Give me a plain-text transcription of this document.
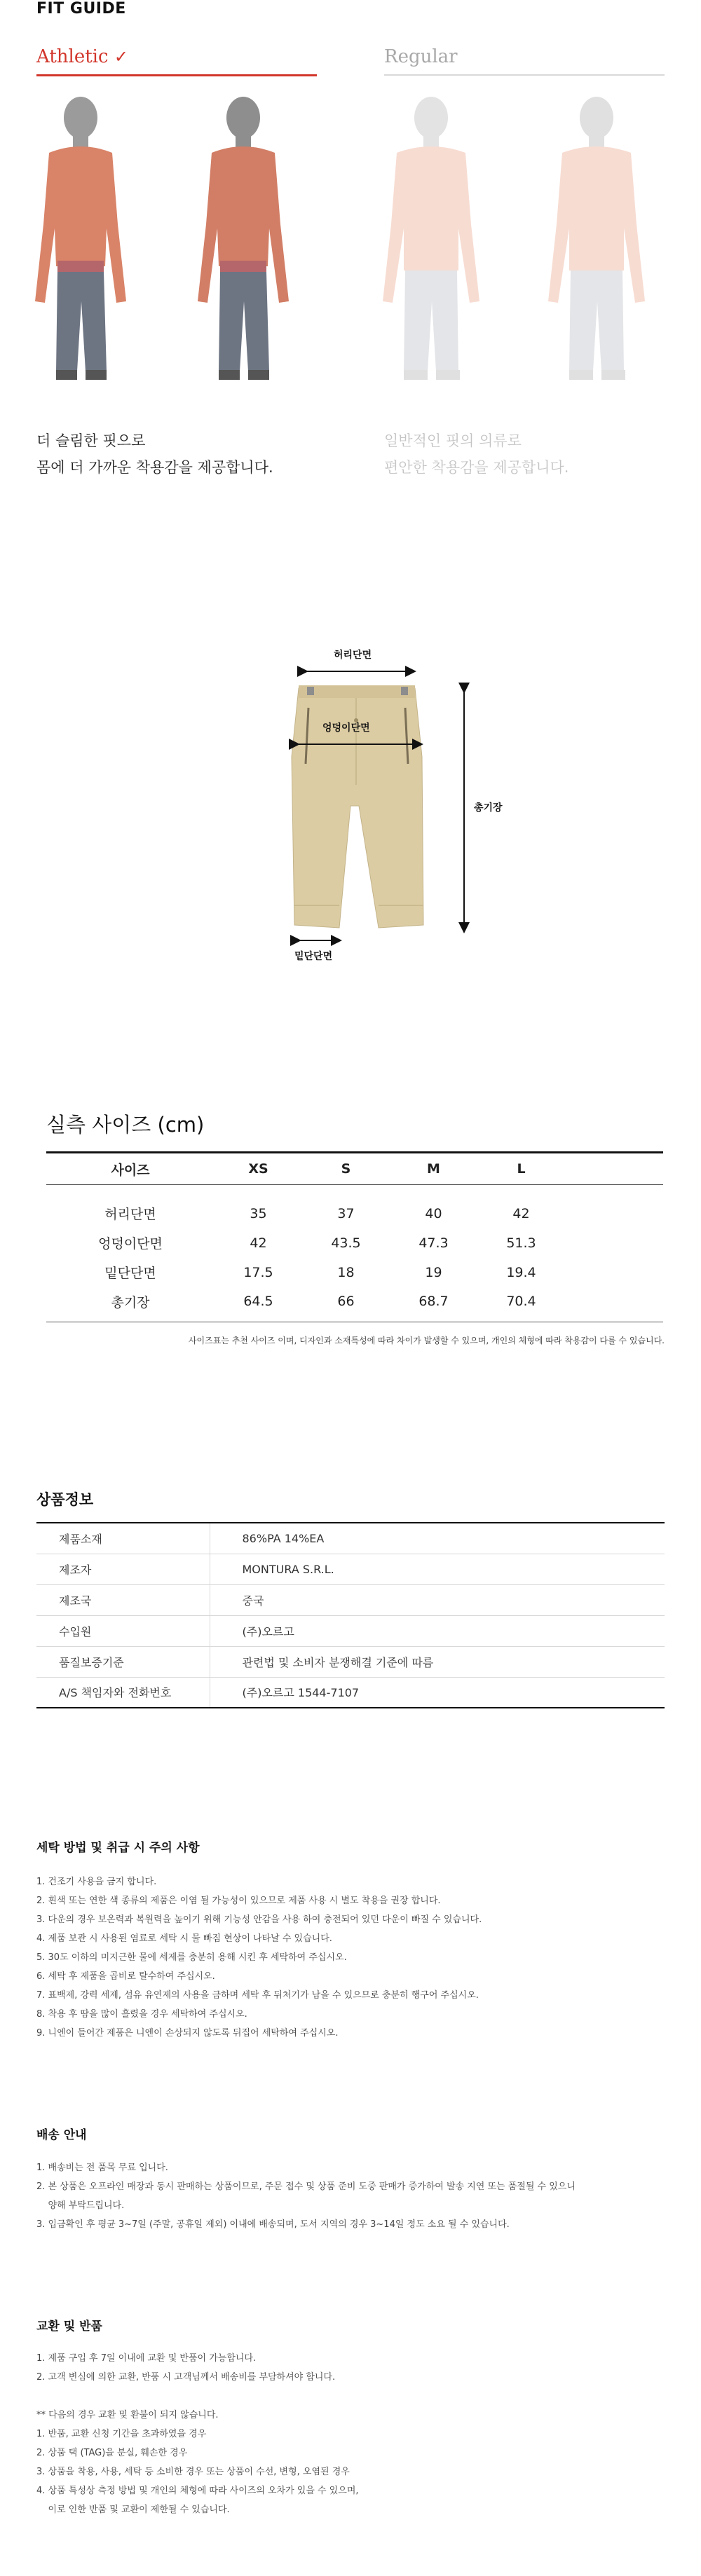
FIT GUIDE
Athletic ✓	Regular
더 슬림한 핏으로
몸에 더 가까운 착용감을 제공합니다.
일반적인 핏의 의류로
편안한 착용감을 제공합니다.
허리단면
엉덩이단면
총기장
밑단단면
실측 사이즈 (cm)
사이즈	XS	S	M	L	
허리단면	35	37	40	42	
엉덩이단면	42	43.5	47.3	51.3	
밑단단면	17.5	18	19	19.4	
총기장	64.5	66	68.7	70.4	
사이즈표는 추천 사이즈 이며, 디자인과 소재특성에 따라 차이가 발생할 수 있으며, 개인의 체형에 따라 착용감이 다를 수 있습니다.
상품정보
제품소재	86%PA 14%EA
제조자	MONTURA S.R.L.
제조국	중국
수입원	(주)오르고
품질보증기준	관련법 및 소비자 분쟁해결 기준에 따름
A/S 책임자와 전화번호	(주)오르고 1544-7107
세탁 방법 및 취급 시 주의 사항
1. 건조기 사용을 금지 합니다.
2. 흰색 또는 연한 색 종류의 제품은 이염 될 가능성이 있으므로 제품 사용 시 별도 착용을 권장 합니다.
3. 다운의 경우 보온력과 복원력을 높이기 위해 기능성 안감을 사용 하여 충전되어 있던 다운이 빠질 수 있습니다.
4. 제품 보관 시 사용된 염료로 세탁 시 물 빠짐 현상이 나타날 수 있습니다.
5. 30도 이하의 미지근한 물에 세제를 충분히 용해 시킨 후 세탁하여 주십시오.
6. 세탁 후 제품을 곱비로 탈수하여 주십시오.
7. 표백제, 강력 세제, 섬유 유연제의 사용을 금하며 세탁 후 뒤처기가 남을 수 있으므로 충분히 행구어 주십시오.
8. 착용 후 땀을 많이 흘렸을 경우 세탁하여 주십시오.
9. 니엔이 들어간 제품은 니엔이 손상되지 않도록 뒤집어 세탁하여 주십시오.
배송 안내
1. 배송비는 전 품목 무료 입니다.
2. 본 상품은 오프라인 매장과 동시 판매하는 상품이므로, 주문 접수 및 상품 준비 도중 판매가 증가하여 발송 지연 또는 품절될 수 있으니
양해 부탁드립니다.
3. 입금확인 후 평균 3~7일 (주말, 공휴일 제외) 이내에 배송되며, 도서 지역의 경우 3~14일 정도 소요 될 수 있습니다.
교환 및 반품
1. 제품 구입 후 7일 이내에 교환 및 반품이 가능합니다.
2. 고객 변심에 의한 교환, 반품 시 고객님께서 배송비를 부담하셔야 합니다.
** 다음의 경우 교환 및 환불이 되지 않습니다.
1. 반품, 교환 신청 기간을 초과하였을 경우
2. 상품 택 (TAG)을 분실, 훼손한 경우
3. 상품을 착용, 사용, 세탁 등 소비한 경우 또는 상품이 수선, 변형, 오염된 경우
4. 상품 특성상 측정 방법 및 개인의 체형에 따라 사이즈의 오차가 있을 수 있으며,
이로 인한 반품 및 교환이 제한될 수 있습니다.
